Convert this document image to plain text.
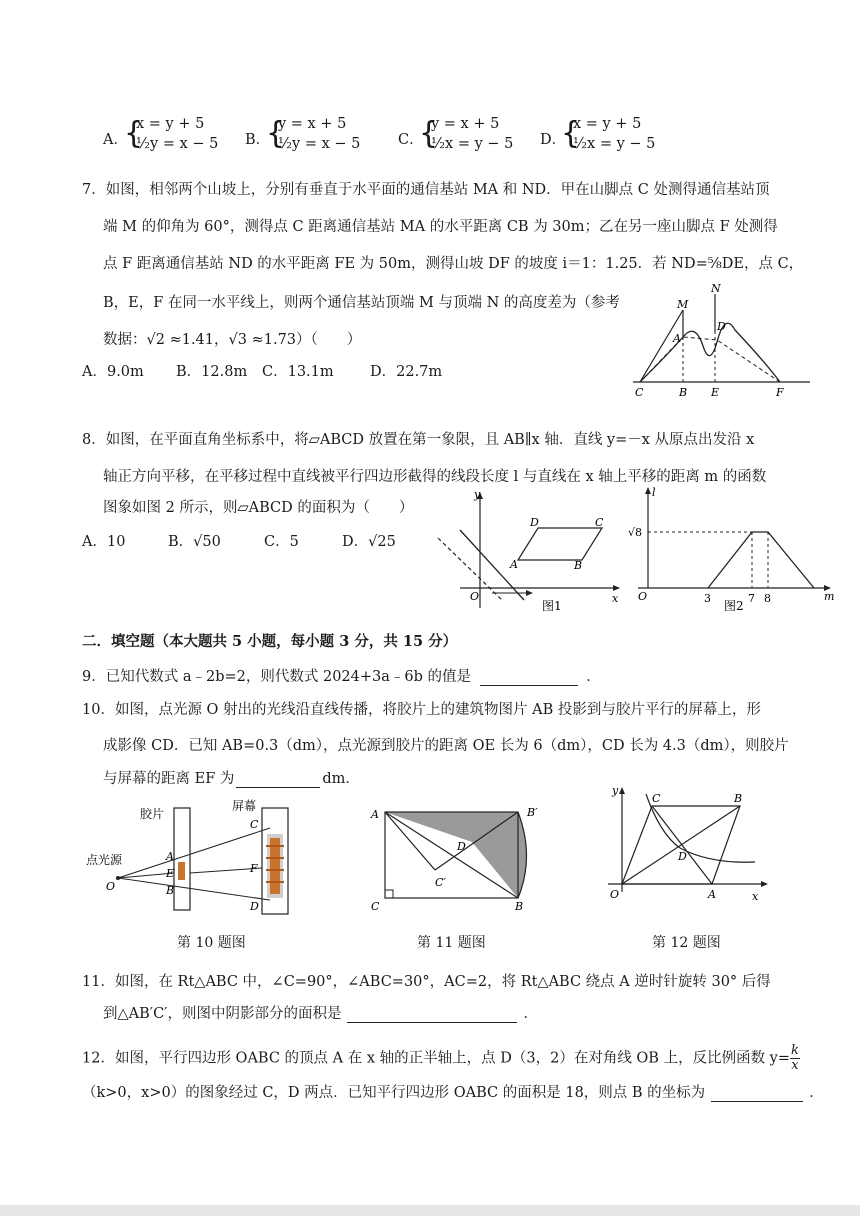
A．
{
x = y + 5
½y = x − 5 B．
{
y = x + 5
½y = x − 5	C．
{
y = x + 5
½x = y − 5 D．
{
x = y + 5
½x = y − 5
7．如图，相邻两个山坡上，分别有垂直于水平面的通信基站 MA 和 ND．甲在山脚点 C 处测得通信基站顶
端 M 的仰角为 60°，测得点 C 距离通信基站 MA 的水平距离 CB 为 30m；乙在另一座山脚点 F 处测得
点 F 距离通信基站 ND 的水平距离 FE 为 50m，测得山坡 DF 的坡度 i＝1：1.25．若 ND=⅝DE，点 C，
B，E，F 在同一水平线上，则两个通信基站顶端 M 与顶端 N 的高度差为（参考
数据：√2 ≈1.41，√3 ≈1.73）（　　）
A．9.0m B．12.8m C．13.1m	D．22.7m
M
N
A
D
C	B E	F
8．如图，在平面直角坐标系中，将▱ABCD 放置在第一象限，且 AB∥x 轴．直线 y=－x 从原点出发沿 x
轴正方向平移，在平移过程中直线被平行四边形截得的线段长度 l 与直线在 x 轴上平移的距离 m 的函数
图象如图 2 所示，则▱ABCD 的面积为（　　）
A．10	B．√50	C．5	D．√25
y
x
O
A	B
D	C
图1
l
m
O
√8
3	7 8
图2
二．填空题（本大题共 5 小题，每小题 3 分，共 15 分）
9．已知代数式 a﹣2b=2，则代数式 2024+3a﹣6b 的值是	．
10．如图，点光源 O 射出的光线沿直线传播，将胶片上的建筑物图片 AB 投影到与胶片平行的屏幕上，形
成影像 CD．已知 AB=0.3（dm），点光源到胶片的距离 OE 长为 6（dm），CD 长为 4.3（dm），则胶片
与屏幕的距离 EF 为	dm．
胶片
屏幕
点光源
O
A
E
B
C
F
D
第 10 题图
A	B′
D
C′
C	B
第 11 题图
y
x
O	A
B
C
D
第 12 题图
11．如图，在 Rt△ABC 中，∠C=90°，∠ABC=30°，AC=2，将 Rt△ABC 绕点 A 逆时针旋转 30° 后得
到△AB′C′，则图中阴影部分的面积是	．
12．如图，平行四边形 OABC 的顶点 A 在 x 轴的正半轴上，点 D（3，2）在对角线 OB 上，反比例函数 $y= \frac{k}{x}$
（k>0，x>0）的图象经过 C，D 两点．已知平行四边形 OABC 的面积是 18，则点 B 的坐标为	．
